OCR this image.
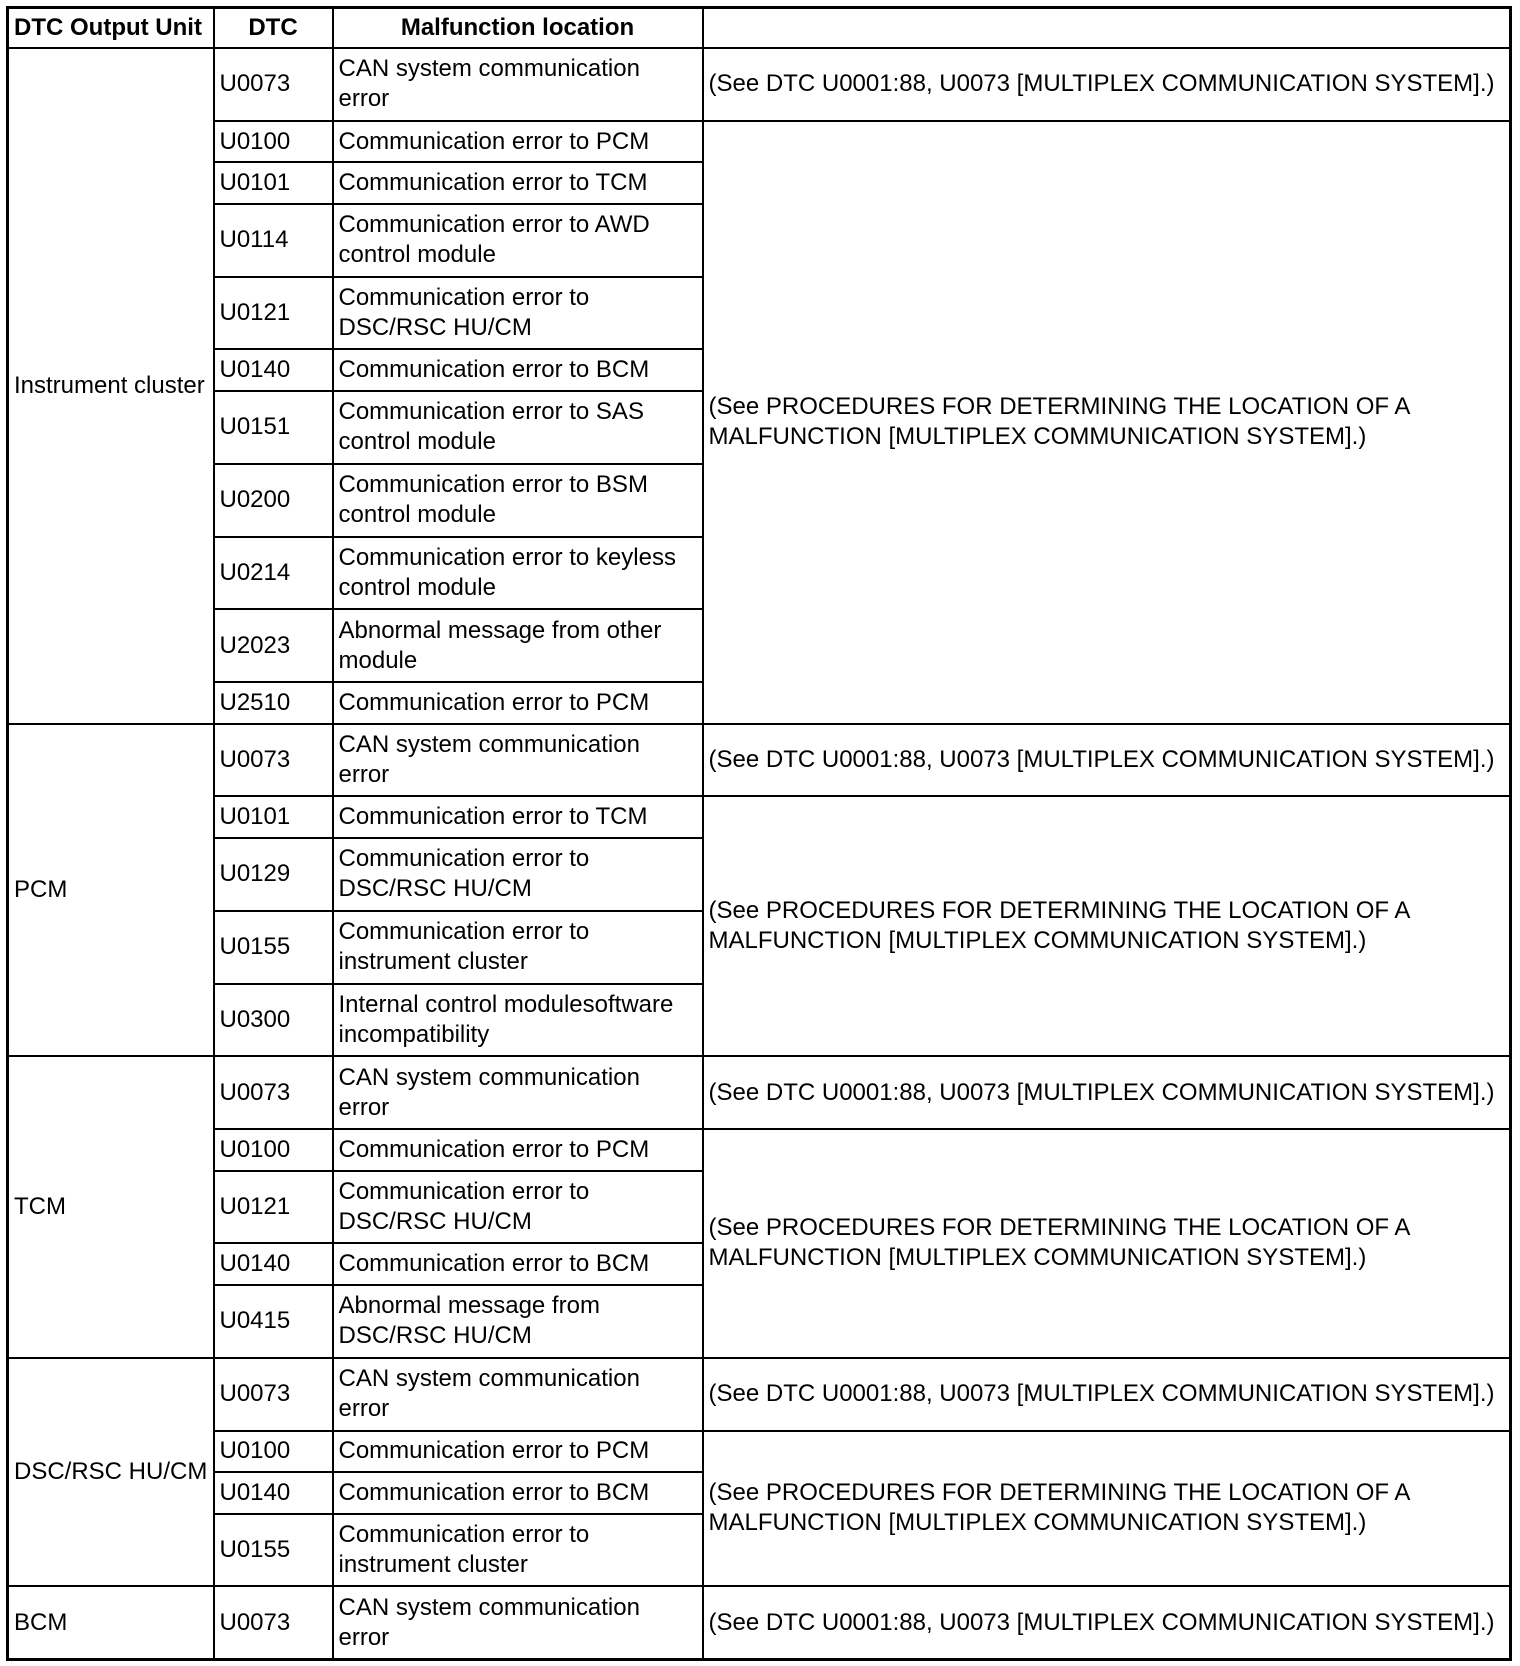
DTC Output Unit	DTC	Malfunction location	
Instrument cluster	U0073	CAN system communication error	(See DTC U0001:88, U0073 [MULTIPLEX COMMUNICATION SYSTEM].)
	U0100	Communication error to PCM	(See PROCEDURES FOR DETERMINING THE LOCATION OF A MALFUNCTION [MULTIPLEX COMMUNICATION SYSTEM].)
	U0101	Communication error to TCM	
	U0114	Communication error to AWD control module	
	U0121	Communication error to DSC/RSC HU/CM	
	U0140	Communication error to BCM	
	U0151	Communication error to SAS control module	
	U0200	Communication error to BSM control module	
	U0214	Communication error to keyless control module	
	U2023	Abnormal message from other module	
	U2510	Communication error to PCM	
PCM	U0073	CAN system communication error	(See DTC U0001:88, U0073 [MULTIPLEX COMMUNICATION SYSTEM].)
	U0101	Communication error to TCM	(See PROCEDURES FOR DETERMINING THE LOCATION OF A MALFUNCTION [MULTIPLEX COMMUNICATION SYSTEM].)
	U0129	Communication error to DSC/RSC HU/CM	
	U0155	Communication error to instrument cluster	
	U0300	Internal control modulesoftware incompatibility	
TCM	U0073	CAN system communication error	(See DTC U0001:88, U0073 [MULTIPLEX COMMUNICATION SYSTEM].)
	U0100	Communication error to PCM	(See PROCEDURES FOR DETERMINING THE LOCATION OF A MALFUNCTION [MULTIPLEX COMMUNICATION SYSTEM].)
	U0121	Communication error to DSC/RSC HU/CM	
	U0140	Communication error to BCM	
	U0415	Abnormal message from DSC/RSC HU/CM	
DSC/RSC HU/CM	U0073	CAN system communication error	(See DTC U0001:88, U0073 [MULTIPLEX COMMUNICATION SYSTEM].)
	U0100	Communication error to PCM	(See PROCEDURES FOR DETERMINING THE LOCATION OF A MALFUNCTION [MULTIPLEX COMMUNICATION SYSTEM].)
	U0140	Communication error to BCM	
	U0155	Communication error to instrument cluster	
BCM	U0073	CAN system communication error	(See DTC U0001:88, U0073 [MULTIPLEX COMMUNICATION SYSTEM].)
